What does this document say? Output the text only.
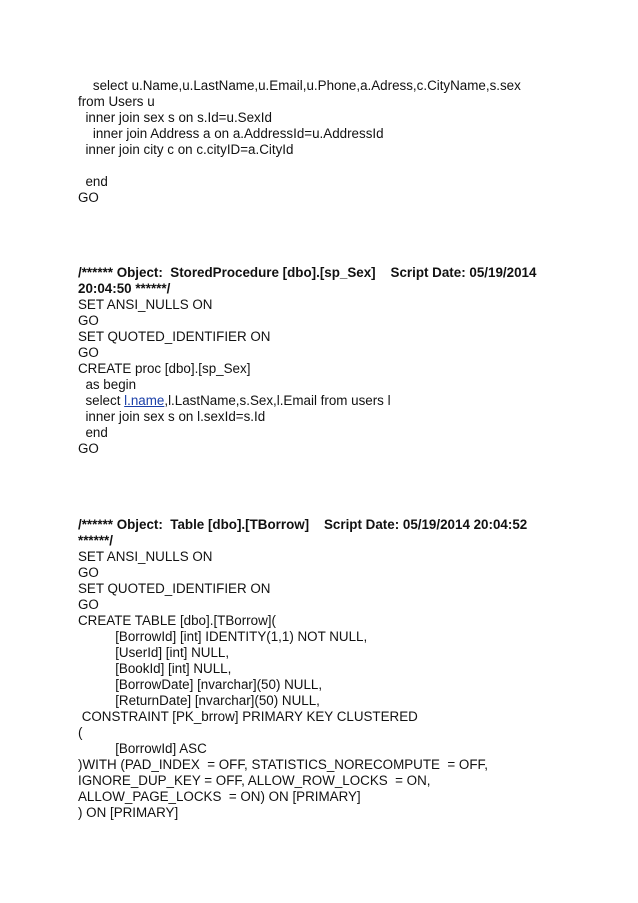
select u.Name,u.LastName,u.Email,u.Phone,a.Adress,c.CityName,s.sex
from Users u
inner join sex s on s.Id=u.SexId
inner join Address a on a.AddressId=u.AddressId
inner join city c on c.cityID=a.CityId
end
GO
/****** Object:  StoredProcedure [dbo].[sp_Sex]    Script Date: 05/19/2014
20:04:50 ******/
SET ANSI_NULLS ON
GO
SET QUOTED_IDENTIFIER ON
GO
CREATE proc [dbo].[sp_Sex]
as begin
select l.name,l.LastName,s.Sex,l.Email from users l
inner join sex s on l.sexId=s.Id
end
GO
/****** Object:  Table [dbo].[TBorrow]    Script Date: 05/19/2014 20:04:52
******/
SET ANSI_NULLS ON
GO
SET QUOTED_IDENTIFIER ON
GO
CREATE TABLE [dbo].[TBorrow](
[BorrowId] [int] IDENTITY(1,1) NOT NULL,
[UserId] [int] NULL,
[BookId] [int] NULL,
[BorrowDate] [nvarchar](50) NULL,
[ReturnDate] [nvarchar](50) NULL,
CONSTRAINT [PK_brrow] PRIMARY KEY CLUSTERED
(
[BorrowId] ASC
)WITH (PAD_INDEX  = OFF, STATISTICS_NORECOMPUTE  = OFF,
IGNORE_DUP_KEY = OFF, ALLOW_ROW_LOCKS  = ON,
ALLOW_PAGE_LOCKS  = ON) ON [PRIMARY]
) ON [PRIMARY]
